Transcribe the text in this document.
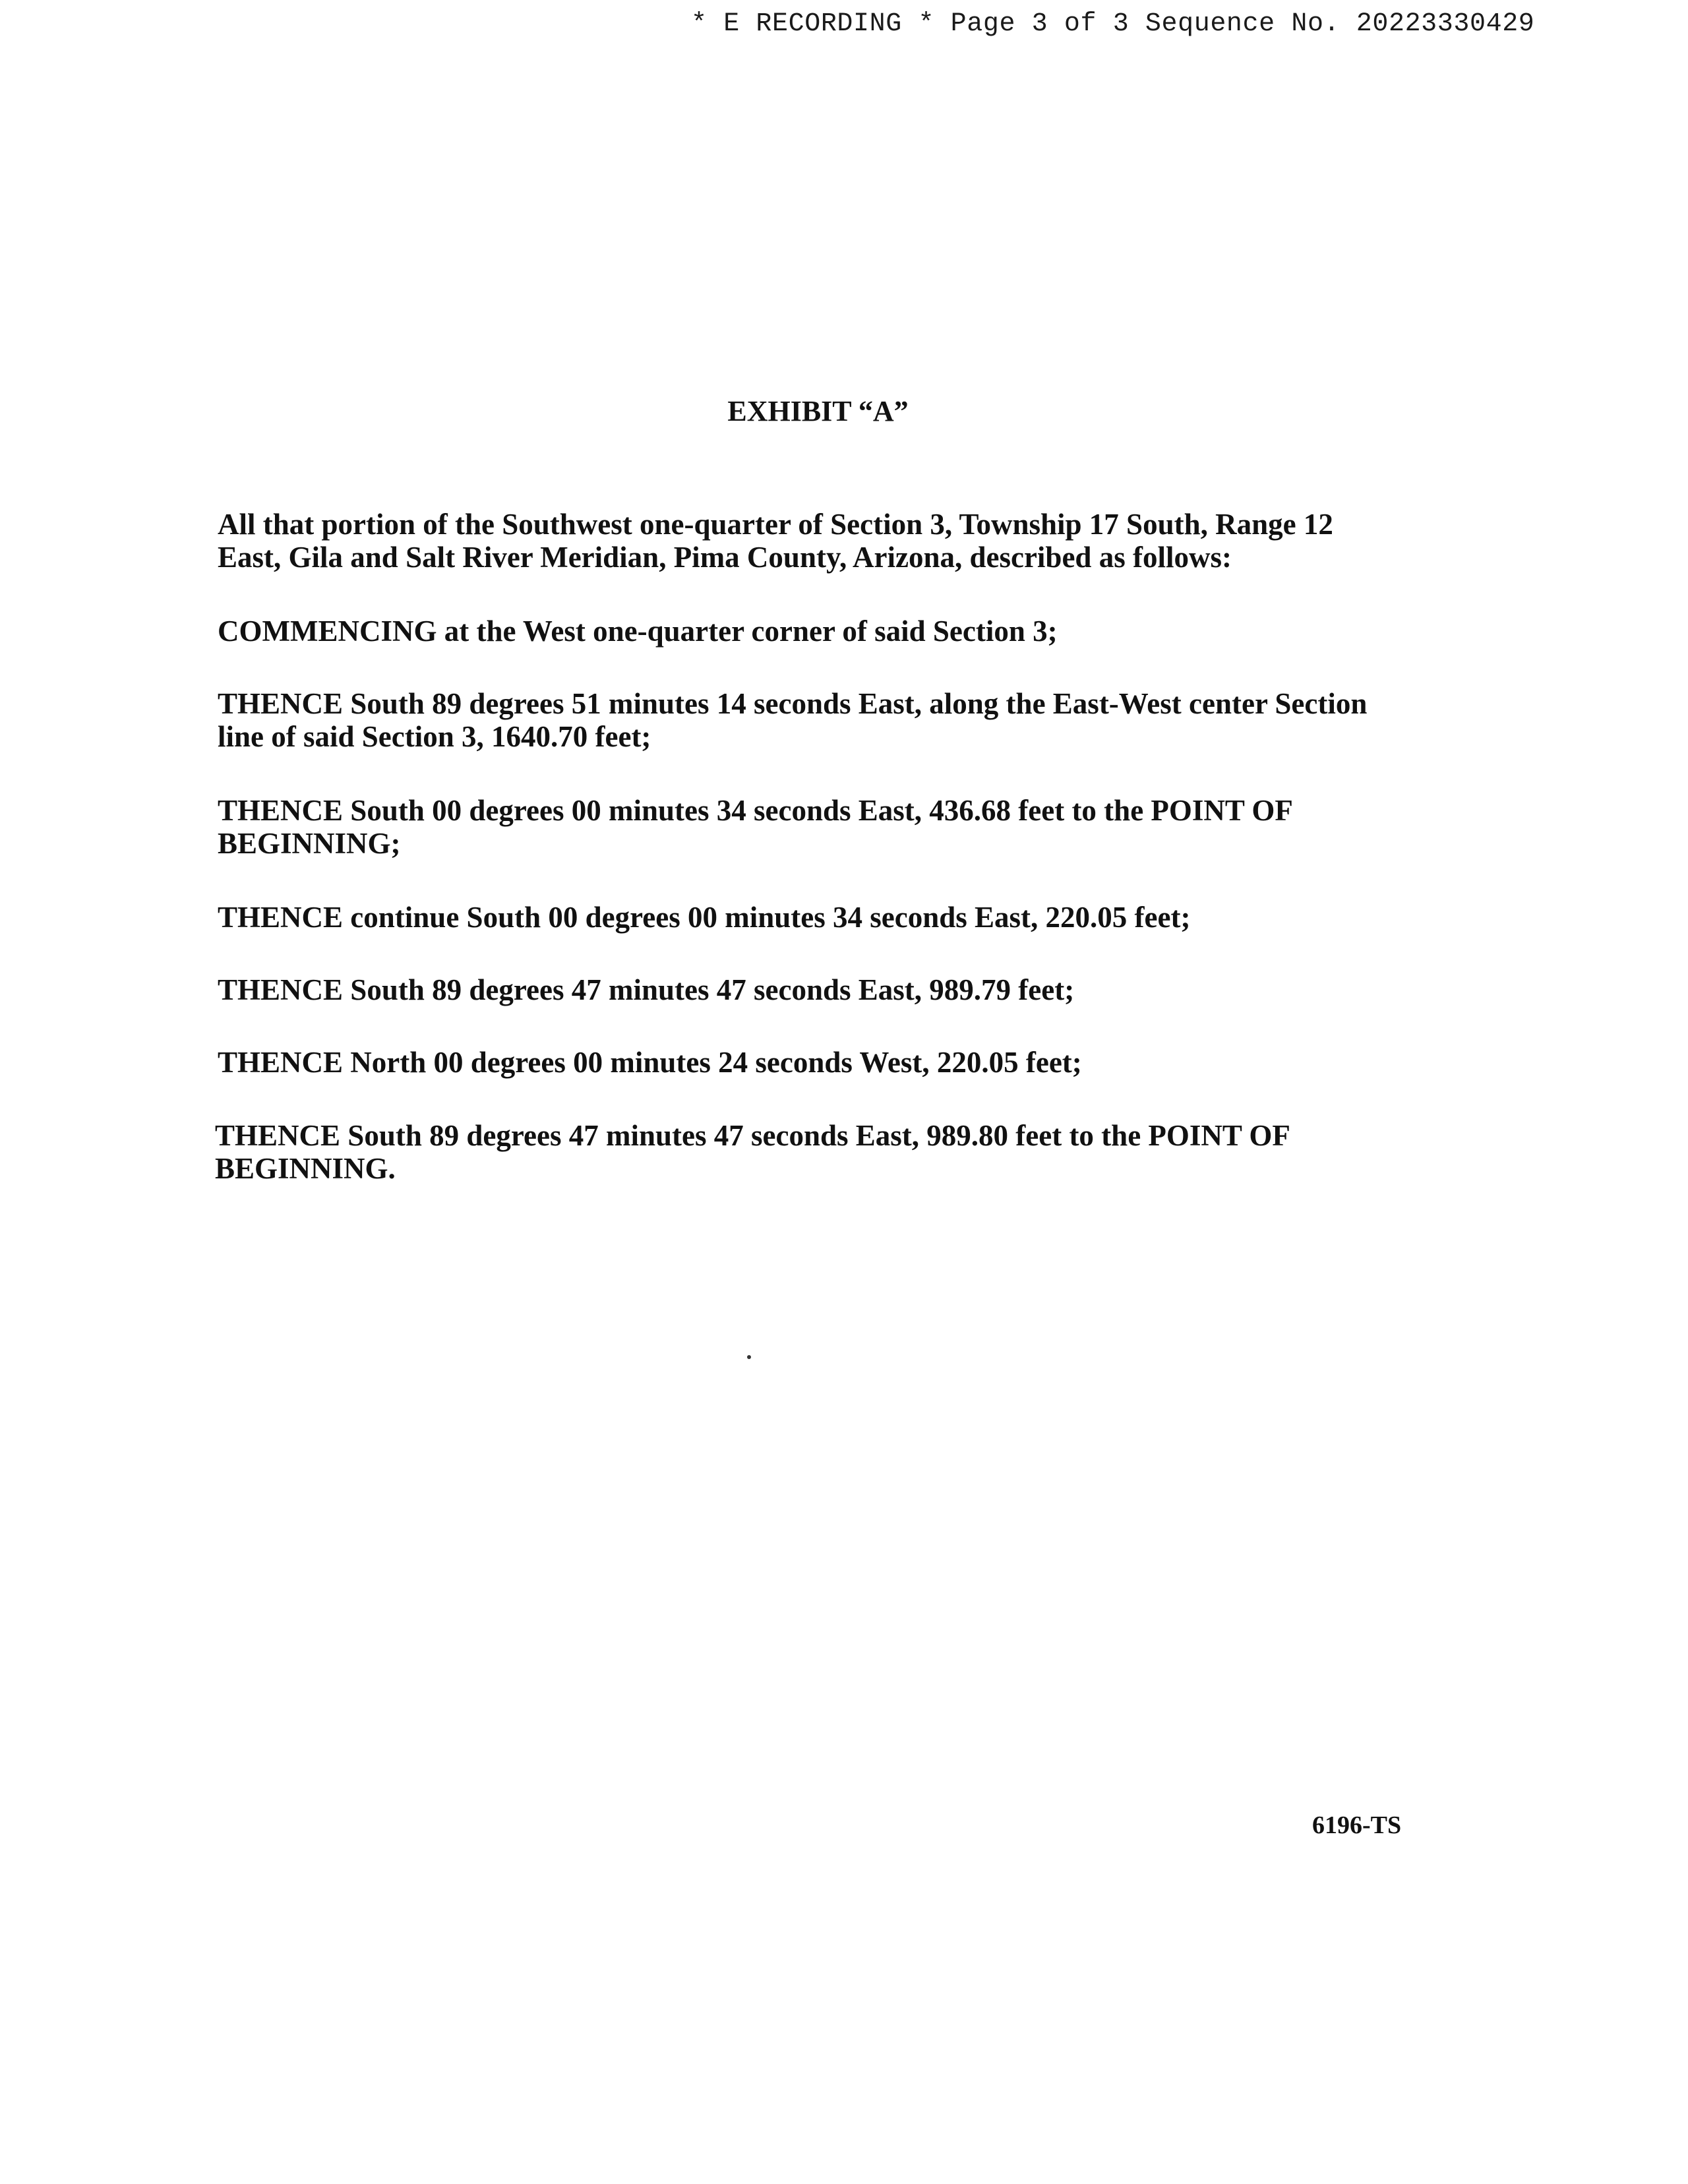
* E RECORDING * Page 3 of 3 Sequence No. 20223330429
EXHIBIT “A”

All that portion of the Southwest one-quarter of Section 3, Township 17 South, Range 12
East, Gila and Salt River Meridian, Pima County, Arizona, described as follows:

COMMENCING at the West one-quarter corner of said Section 3;

THENCE South 89 degrees 51 minutes 14 seconds East, along the East-West center Section
line of said Section 3, 1640.70 feet;

THENCE South 00 degrees 00 minutes 34 seconds East, 436.68 feet to the POINT OF
BEGINNING;

THENCE continue South 00 degrees 00 minutes 34 seconds East, 220.05 feet;

THENCE South 89 degrees 47 minutes 47 seconds East, 989.79 feet;

THENCE North 00 degrees 00 minutes 24 seconds West, 220.05 feet;

THENCE South 89 degrees 47 minutes 47 seconds East, 989.80 feet to the POINT OF
BEGINNING.

6196-TS
